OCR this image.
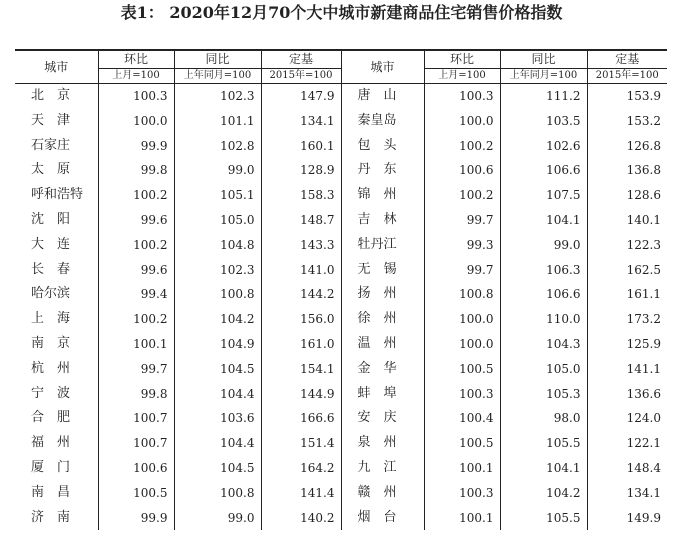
表1： 2020年12月70个大中城市新建商品住宅销售价格指数
城市	环比	同比	定基	城市	环比	同比	定基
	上月=100	上年同月=100	2015年=100		上月=100	上年同月=100	2015年=100
北　京	100.3	102.3	147.9	唐　山	100.3	111.2	153.9
天　津	100.0	101.1	134.1	秦皇岛	100.0	103.5	153.2
石家庄	99.9	102.8	160.1	包　头	100.2	102.6	126.8
太　原	99.8	99.0	128.9	丹　东	100.6	106.6	136.8
呼和浩特	100.2	105.1	158.3	锦　州	100.2	107.5	128.6
沈　阳	99.6	105.0	148.7	吉　林	99.7	104.1	140.1
大　连	100.2	104.8	143.3	牡丹江	99.3	99.0	122.3
长　春	99.6	102.3	141.0	无　锡	99.7	106.3	162.5
哈尔滨	99.4	100.8	144.2	扬　州	100.8	106.6	161.1
上　海	100.2	104.2	156.0	徐　州	100.0	110.0	173.2
南　京	100.1	104.9	161.0	温　州	100.0	104.3	125.9
杭　州	99.7	104.5	154.1	金　华	100.5	105.0	141.1
宁　波	99.8	104.4	144.9	蚌　埠	100.3	105.3	136.6
合　肥	100.7	103.6	166.6	安　庆	100.4	98.0	124.0
福　州	100.7	104.4	151.4	泉　州	100.5	105.5	122.1
厦　门	100.6	104.5	164.2	九　江	100.1	104.1	148.4
南　昌	100.5	100.8	141.4	赣　州	100.3	104.2	134.1
济　南	99.9	99.0	140.2	烟　台	100.1	105.5	149.9
